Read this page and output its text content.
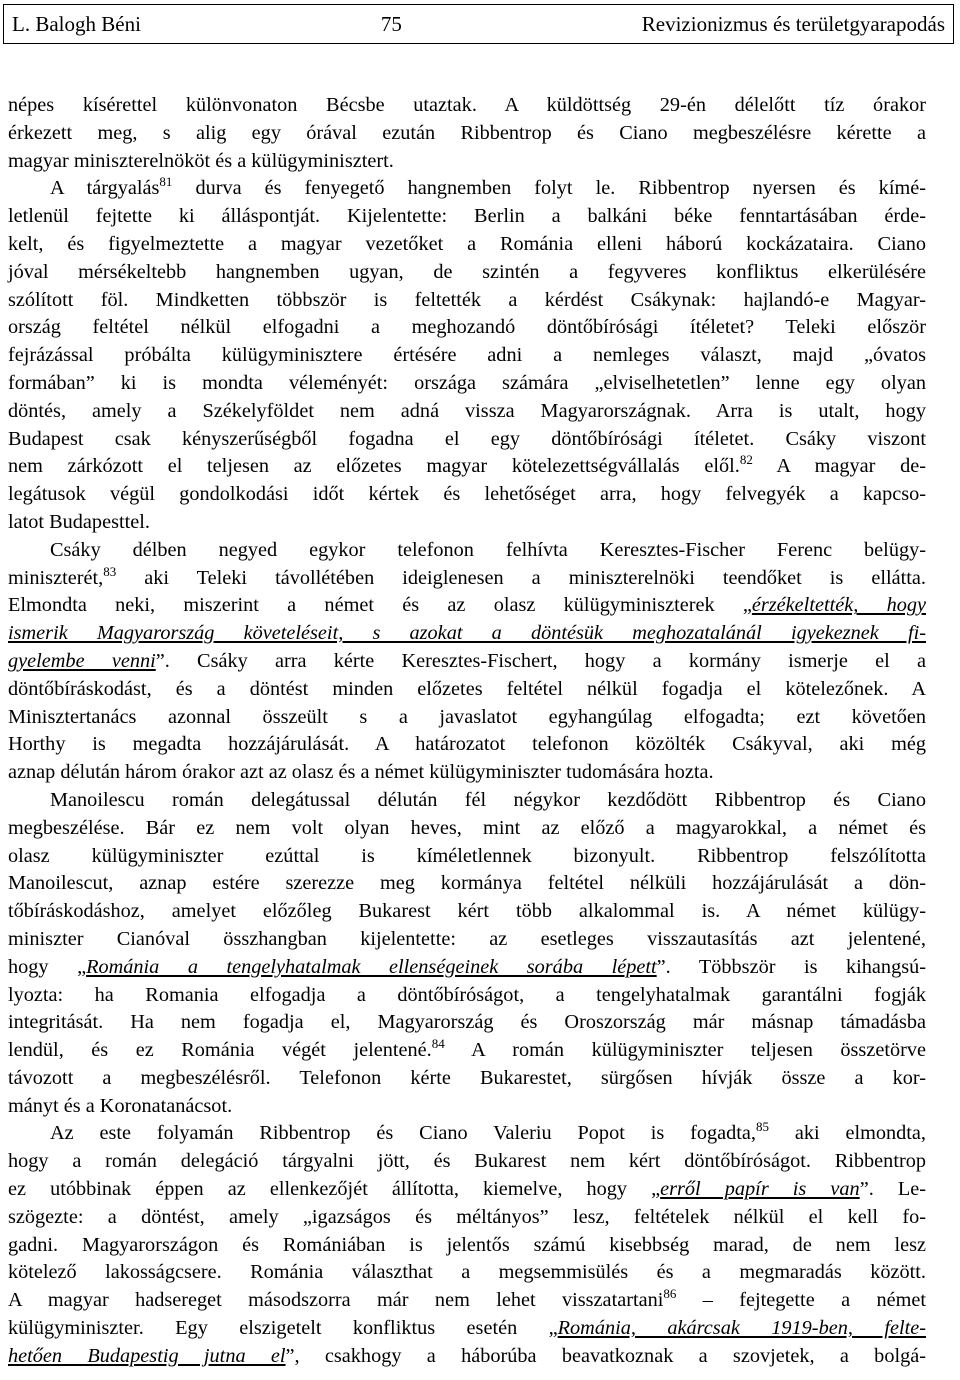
L. Balogh Béni	75	Revizionizmus és területgyarapodás
népes kísérettel különvonaton Bécsbe utaztak. A küldöttség 29-én délelőtt tíz órakor
érkezett meg, s alig egy órával ezután Ribbentrop és Ciano megbeszélésre kérette a
magyar miniszterelnököt és a külügyminisztert.
A tárgyalás$^{81}$ durva és fenyegető hangnemben folyt le. Ribbentrop nyersen és kímé-
letlenül fejtette ki álláspontját. Kijelentette: Berlin a balkáni béke fenntartásában érde-
kelt, és figyelmeztette a magyar vezetőket a Románia elleni háború kockázataira. Ciano
jóval mérsékeltebb hangnemben ugyan, de szintén a fegyveres konfliktus elkerülésére
szólított föl. Mindketten többször is feltették a kérdést Csákynak: hajlandó-e Magyar-
ország feltétel nélkül elfogadni a meghozandó döntőbírósági ítéletet? Teleki először
fejrázással próbálta külügyminisztere értésére adni a nemleges választ, majd „óvatos
formában” ki is mondta véleményét: országa számára „elviselhetetlen” lenne egy olyan
döntés, amely a Székelyföldet nem adná vissza Magyarországnak. Arra is utalt, hogy
Budapest csak kényszerűségből fogadna el egy döntőbírósági ítéletet. Csáky viszont
nem zárkózott el teljesen az előzetes magyar kötelezettségvállalás elől.$^{82}$ A magyar de-
legátusok végül gondolkodási időt kértek és lehetőséget arra, hogy felvegyék a kapcso-
latot Budapesttel.
Csáky délben negyed egykor telefonon felhívta Keresztes-Fischer Ferenc belügy-
miniszterét,$^{83}$ aki Teleki távollétében ideiglenesen a miniszterelnöki teendőket is ellátta.
Elmondta neki, miszerint a német és az olasz külügyminiszterek „érzékeltették, hogy
ismerik Magyarország követeléseit, s azokat a döntésük meghozatalánál igyekeznek fi-
gyelembe venni”. Csáky arra kérte Keresztes-Fischert, hogy a kormány ismerje el a
döntőbíráskodást, és a döntést minden előzetes feltétel nélkül fogadja el kötelezőnek. A
Minisztertanács azonnal összeült s a javaslatot egyhangúlag elfogadta; ezt követően
Horthy is megadta hozzájárulását. A határozatot telefonon közölték Csákyval, aki még
aznap délután három órakor azt az olasz és a német külügyminiszter tudomására hozta.
Manoilescu román delegátussal délután fél négykor kezdődött Ribbentrop és Ciano
megbeszélése. Bár ez nem volt olyan heves, mint az előző a magyarokkal, a német és
olasz külügyminiszter ezúttal is kíméletlennek bizonyult. Ribbentrop felszólította
Manoilescut, aznap estére szerezze meg kormánya feltétel nélküli hozzájárulását a dön-
tőbíráskodáshoz, amelyet előzőleg Bukarest kért több alkalommal is. A német külügy-
miniszter Cianóval összhangban kijelentette: az esetleges visszautasítás azt jelentené,
hogy „Románia a tengelyhatalmak ellenségeinek sorába lépett”. Többször is kihangsú-
lyozta: ha Romania elfogadja a döntőbíróságot, a tengelyhatalmak garantálni fogják
integritását. Ha nem fogadja el, Magyarország és Oroszország már másnap támadásba
lendül, és ez Románia végét jelentené.$^{84}$ A román külügyminiszter teljesen összetörve
távozott a megbeszélésről. Telefonon kérte Bukarestet, sürgősen hívják össze a kor-
mányt és a Koronatanácsot.
Az este folyamán Ribbentrop és Ciano Valeriu Popot is fogadta,$^{85}$ aki elmondta,
hogy a román delegáció tárgyalni jött, és Bukarest nem kért döntőbíróságot. Ribbentrop
ez utóbbinak éppen az ellenkezőjét állította, kiemelve, hogy „erről papír is van”. Le-
szögezte: a döntést, amely „igazságos és méltányos” lesz, feltételek nélkül el kell fo-
gadni. Magyarországon és Romániában is jelentős számú kisebbség marad, de nem lesz
kötelező lakosságcsere. Románia választhat a megsemmisülés és a megmaradás között.
A magyar hadsereget másodszorra már nem lehet visszatartani$^{86}$ – fejtegette a német
külügyminiszter. Egy elszigetelt konfliktus esetén „Románia, akárcsak 1919-ben, felte-
hetően Budapestig jutna el”, csakhogy a háborúba beavatkoznak a szovjetek, a bolgá-
